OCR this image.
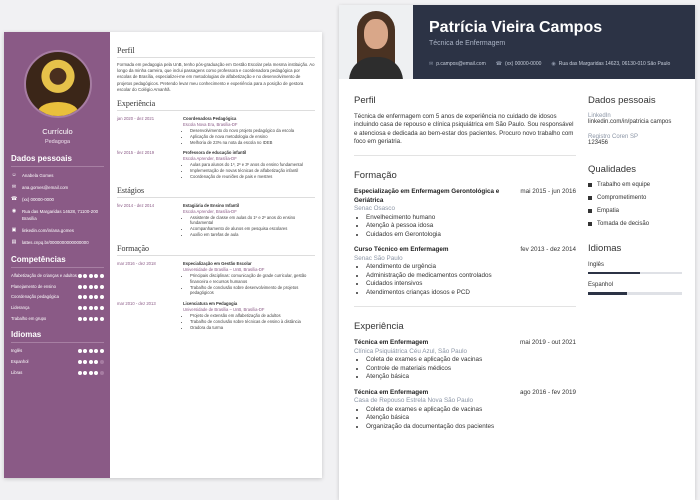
Currículo
Pedagoga
Dados pessoais
☺ Anabela Gomes
✉ ana.gomes@email.com
☎ (xx) 00000-0000
◉ Rua das Margaridas 14628, 71100-200 Brasília
▣ linkedin.com/in/ana.gomes
▤ lattes.cnpq.br/0000000000000000
Competências
Alfabetização de crianças e adultos
Planejamento de ensino
Coordenação pedagógica
Liderança
Trabalho em grupo
Idiomas
Inglês
Espanhol
Libras
Perfil
Formada em pedagogia pela UnB, tenho pós-graduação em Gestão Escolar pela mesma instituição. Ao longo da minha carreira, que inclui passagens como professora e coordenadora pedagógica por escolas de Brasília, especializei-me em metodologias de alfabetização e no desenvolvimento de projetos pedagógicos. Pretendo levar meu conhecimento e experiência para a posição de gestora escolar do Colégio Amanhã.
Experiência
jan 2020 - dez 2021	Coordenadora Pedagógica
Escola Nova Era, Brasília-DF
• Desenvolvimento do novo projeto pedagógico da escola
• Aplicação de nova metodologia de ensino
• Melhoria de 23% na nota da escola no IDEB
fev 2015 - dez 2019	Professora de educação infantil
Escola Aprender, Brasília-DF
• Aulas para alunos do 1º, 2º e 3º anos do ensino fundamental
• Implementação de novas técnicas de alfabetização infantil
• Coordenação de reuniões de pais e mestres
Estágios
fev 2014 - dez 2014	Estagiária de Ensino Infantil
Escola Aprender, Brasília-DF
• Assistente de classe em aulas do 1º e 2º anos do ensino fundamental
• Acompanhamento de alunos em pesquisa escolares
• Auxílio em tarefas de aula
Formação
mar 2016 - dez 2018	Especialização em Gestão Escolar
Universidade de Brasília – UnB, Brasília-DF
• Principais disciplinas: comunicação de grade curricular, gestão financeira e recursos humanos
• Trabalho de conclusão sobre desenvolvimento de projetos pedagógicos
mar 2010 - dez 2013	Licenciatura em Pedagogia
Universidade de Brasília – UnB, Brasília-DF
• Projeto de extensão em alfabetização de adultos
• Trabalho de conclusão sobre técnicas de ensino à distância
• Oradora da turma
Patrícia Vieira Campos
Técnica de Enfermagem
✉ p.campos@email.com ☎ (xx) 00000-0000 ◉ Rua das Margaridas 14623, 06130-010 São Paulo
Perfil
Técnica de enfermagem com 5 anos de experiência no cuidado de idosos incluindo casa de repouso e clínica psiquiátrica em São Paulo. Sou responsável e atenciosa e dedicada ao bem-estar dos pacientes. Procuro novo trabalho com foco em geriatria.
Formação
Especialização em Enfermagem Gerontológica e Geriátrica
mai 2015 - jun 2016
Senac Osasco
• Envelhecimento humano
• Atenção à pessoa idosa
• Cuidados em Gerontologia
Curso Técnico em Enfermagem	fev 2013 - dez 2014
Senac São Paulo
• Atendimento de urgência
• Administração de medicamentos controlados
• Cuidados intensivos
• Atendimentos crianças idosos e PCD
Experiência
Técnica em Enfermagem	mai 2019 - out 2021
Clínica Psiquiátrica Céu Azul, São Paulo
• Coleta de exames e aplicação de vacinas
• Controle de materiais médicos
• Atenção básica
Técnica em Enfermagem	ago 2016 - fev 2019
Casa de Repouso Estrela Nova São Paulo
• Coleta de exames e aplicação de vacinas
• Atenção básica
• Organização da documentação dos pacientes
Dados pessoais
LinkedIn
linkedin.com/in/patricia campos
Registro Coren SP
123456
Qualidades
Trabalho em equipe
Comprometimento
Empatia
Tomada de decisão
Idiomas
Inglês
Espanhol
